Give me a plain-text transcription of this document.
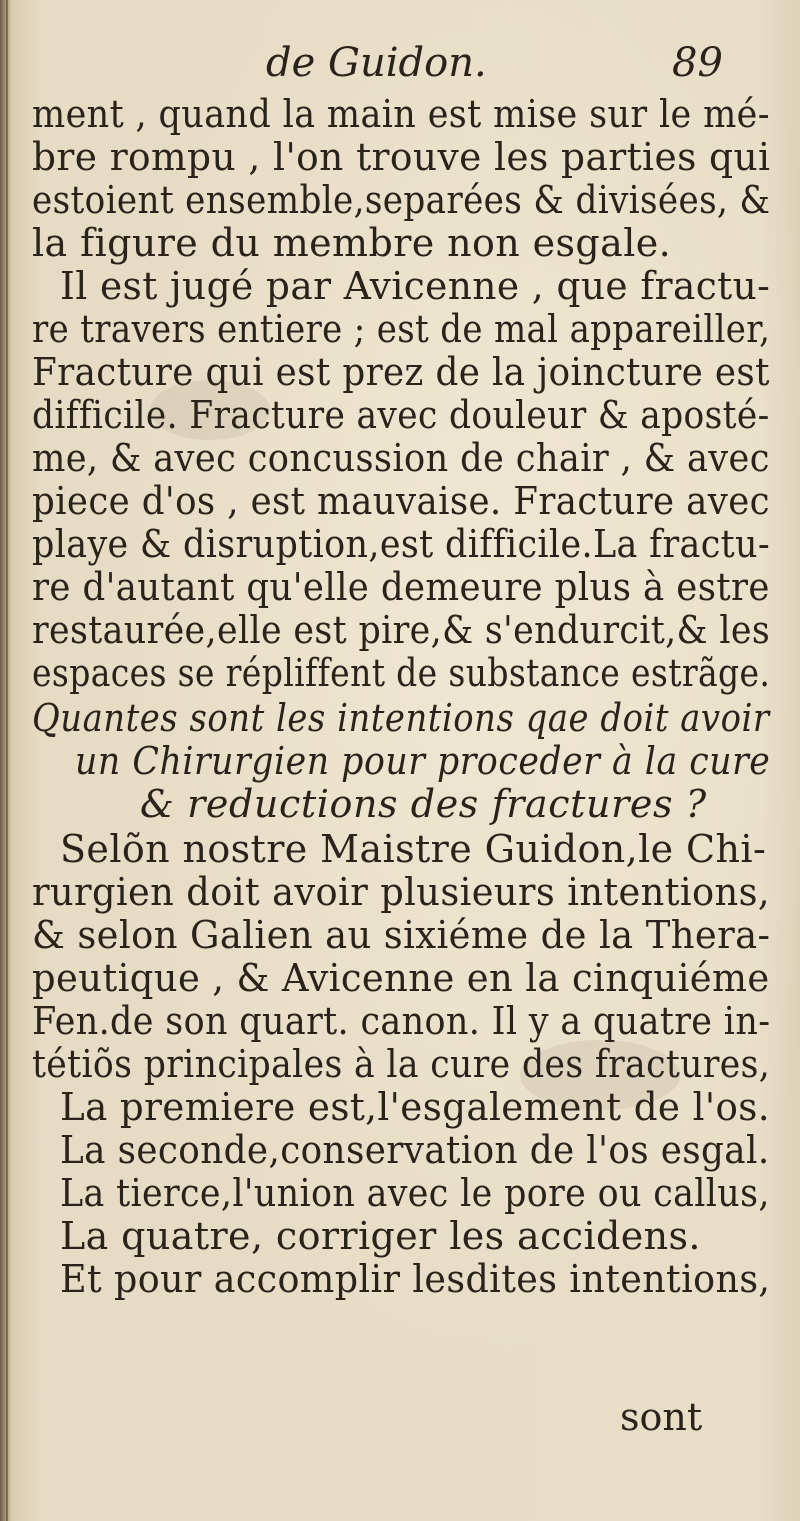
de Guidon.	89
ment , quand la main est mise sur le mé-
bre rompu , l'on trouve les parties qui
estoient ensemble,separées & divisées, &
la figure du membre non esgale.
Il est jugé par Avicenne , que fractu-
re travers entiere ; est de mal appareiller,
Fracture qui est prez de la joincture est
difficile. Fracture avec douleur & aposté-
me, & avec concussion de chair , & avec
piece d'os , est mauvaise. Fracture avec
playe & disruption,est difficile.La fractu-
re d'autant qu'elle demeure plus à estre
restaurée,elle est pire,& s'endurcit,& les
espaces se répliffent de substance estrãge.
Quantes sont les intentions qae doit avoir
un Chirurgien pour proceder à la cure
& reductions des fractures ?
Selõn nostre Maistre Guidon,le Chi-
rurgien doit avoir plusieurs intentions,
& selon Galien au sixiéme de la Thera-
peutique , & Avicenne en la cinquiéme
Fen.de son quart. canon. Il y a quatre in-
tétiõs principales à la cure des fractures,
La premiere est,l'esgalement de l'os.
La seconde,conservation de l'os esgal.
La tierce,l'union avec le pore ou callus,
La quatre, corriger les accidens.
Et pour accomplir lesdites intentions,
sont
